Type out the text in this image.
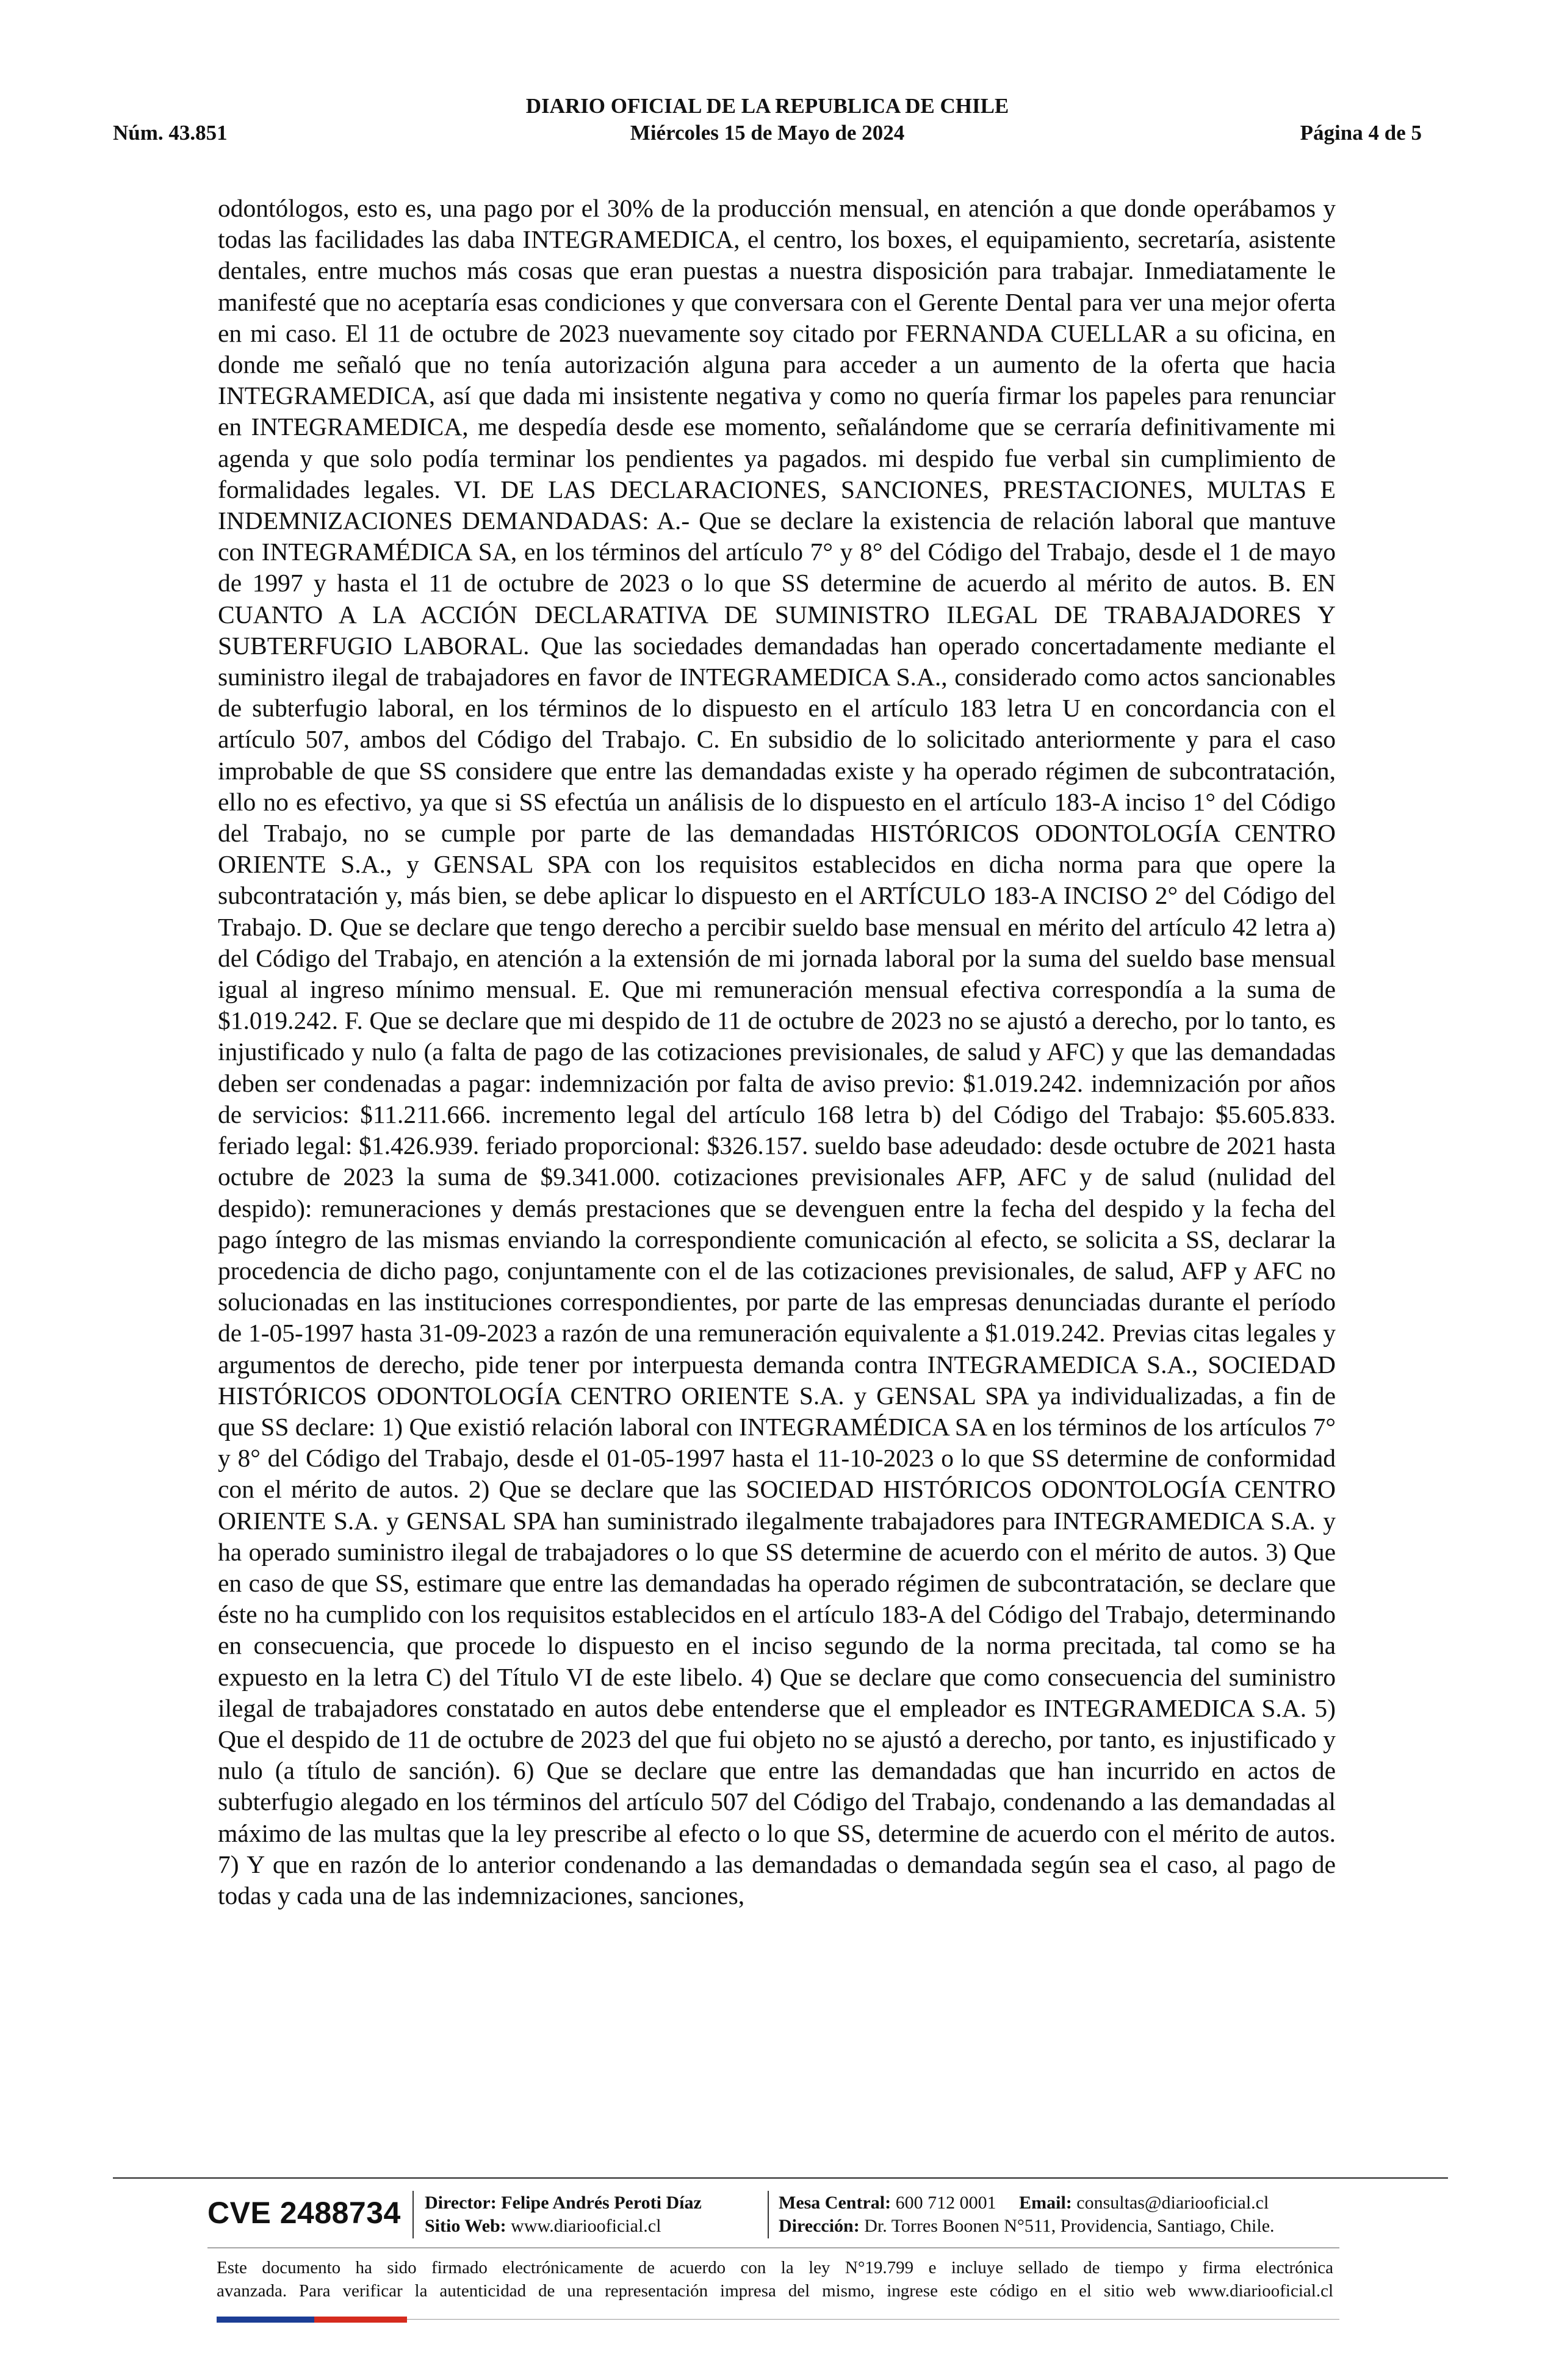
DIARIO OFICIAL DE LA REPUBLICA DE CHILE
Miércoles 15 de Mayo de 2024
Núm. 43.851	Página 4 de 5

odontólogos, esto es, una pago por el 30% de la producción mensual, en atención a que donde operábamos y todas las facilidades las daba INTEGRAMEDICA, el centro, los boxes, el equipamiento, secretaría, asistente dentales, entre muchos más cosas que eran puestas a nuestra disposición para trabajar. Inmediatamente le manifesté que no aceptaría esas condiciones y que conversara con el Gerente Dental para ver una mejor oferta en mi caso. El 11 de octubre de 2023 nuevamente soy citado por FERNANDA CUELLAR a su oficina, en donde me señaló que no tenía autorización alguna para acceder a un aumento de la oferta que hacia INTEGRAMEDICA, así que dada mi insistente negativa y como no quería firmar los papeles para renunciar en INTEGRAMEDICA, me despedía desde ese momento, señalándome que se cerraría definitivamente mi agenda y que solo podía terminar los pendientes ya pagados. mi despido fue verbal sin cumplimiento de formalidades legales. VI. DE LAS DECLARACIONES, SANCIONES, PRESTACIONES, MULTAS E INDEMNIZACIONES DEMANDADAS: A.- Que se declare la existencia de relación laboral que mantuve con INTEGRAMÉDICA SA, en los términos del artículo 7° y 8° del Código del Trabajo, desde el 1 de mayo de 1997 y hasta el 11 de octubre de 2023 o lo que SS determine de acuerdo al mérito de autos. B. EN CUANTO A LA ACCIÓN DECLARATIVA DE SUMINISTRO ILEGAL DE TRABAJADORES Y SUBTERFUGIO LABORAL. Que las sociedades demandadas han operado concertadamente mediante el suministro ilegal de trabajadores en favor de INTEGRAMEDICA S.A., considerado como actos sancionables de subterfugio laboral, en los términos de lo dispuesto en el artículo 183 letra U en concordancia con el artículo 507, ambos del Código del Trabajo. C. En subsidio de lo solicitado anteriormente y para el caso improbable de que SS considere que entre las demandadas existe y ha operado régimen de subcontratación, ello no es efectivo, ya que si SS efectúa un análisis de lo dispuesto en el artículo 183-A inciso 1° del Código del Trabajo, no se cumple por parte de las demandadas HISTÓRICOS ODONTOLOGÍA CENTRO ORIENTE S.A., y GENSAL SPA con los requisitos establecidos en dicha norma para que opere la subcontratación y, más bien, se debe aplicar lo dispuesto en el ARTÍCULO 183-A INCISO 2° del Código del Trabajo. D. Que se declare que tengo derecho a percibir sueldo base mensual en mérito del artículo 42 letra a) del Código del Trabajo, en atención a la extensión de mi jornada laboral por la suma del sueldo base mensual igual al ingreso mínimo mensual. E. Que mi remuneración mensual efectiva correspondía a la suma de $1.019.242. F. Que se declare que mi despido de 11 de octubre de 2023 no se ajustó a derecho, por lo tanto, es injustificado y nulo (a falta de pago de las cotizaciones previsionales, de salud y AFC) y que las demandadas deben ser condenadas a pagar: indemnización por falta de aviso previo: $1.019.242. indemnización por años de servicios: $11.211.666. incremento legal del artículo 168 letra b) del Código del Trabajo: $5.605.833. feriado legal: $1.426.939. feriado proporcional: $326.157. sueldo base adeudado: desde octubre de 2021 hasta octubre de 2023 la suma de $9.341.000. cotizaciones previsionales AFP, AFC y de salud (nulidad del despido): remuneraciones y demás prestaciones que se devenguen entre la fecha del despido y la fecha del pago íntegro de las mismas enviando la correspondiente comunicación al efecto, se solicita a SS, declarar la procedencia de dicho pago, conjuntamente con el de las cotizaciones previsionales, de salud, AFP y AFC no solucionadas en las instituciones correspondientes, por parte de las empresas denunciadas durante el período de 1-05-1997 hasta 31-09-2023 a razón de una remuneración equivalente a $1.019.242. Previas citas legales y argumentos de derecho, pide tener por interpuesta demanda contra INTEGRAMEDICA S.A., SOCIEDAD HISTÓRICOS ODONTOLOGÍA CENTRO ORIENTE S.A. y GENSAL SPA ya individualizadas, a fin de que SS declare: 1) Que existió relación laboral con INTEGRAMÉDICA SA en los términos de los artículos 7° y 8° del Código del Trabajo, desde el 01-05-1997 hasta el 11-10-2023 o lo que SS determine de conformidad con el mérito de autos. 2) Que se declare que las SOCIEDAD HISTÓRICOS ODONTOLOGÍA CENTRO ORIENTE S.A. y GENSAL SPA han suministrado ilegalmente trabajadores para INTEGRAMEDICA S.A. y ha operado suministro ilegal de trabajadores o lo que SS determine de acuerdo con el mérito de autos. 3) Que en caso de que SS, estimare que entre las demandadas ha operado régimen de subcontratación, se declare que éste no ha cumplido con los requisitos establecidos en el artículo 183-A del Código del Trabajo, determinando en consecuencia, que procede lo dispuesto en el inciso segundo de la norma precitada, tal como se ha expuesto en la letra C) del Título VI de este libelo. 4) Que se declare que como consecuencia del suministro ilegal de trabajadores constatado en autos debe entenderse que el empleador es INTEGRAMEDICA S.A. 5) Que el despido de 11 de octubre de 2023 del que fui objeto no se ajustó a derecho, por tanto, es injustificado y nulo (a título de sanción). 6) Que se declare que entre las demandadas que han incurrido en actos de subterfugio alegado en los términos del artículo 507 del Código del Trabajo, condenando a las demandadas al máximo de las multas que la ley prescribe al efecto o lo que SS, determine de acuerdo con el mérito de autos. 7) Y que en razón de lo anterior condenando a las demandadas o demandada según sea el caso, al pago de todas y cada una de las indemnizaciones, sanciones,

CVE 2488734 Director: Felipe Andrés Peroti Díaz
Sitio Web: www.diariooficial.cl
Mesa Central: 600 712 0001 Email: consultas@diariooficial.cl
Dirección: Dr. Torres Boonen N°511, Providencia, Santiago, Chile.

Este documento ha sido firmado electrónicamente de acuerdo con la ley N°19.799 e incluye sellado de tiempo y firma electrónica
avanzada. Para verificar la autenticidad de una representación impresa del mismo, ingrese este código en el sitio web www.diariooficial.cl
